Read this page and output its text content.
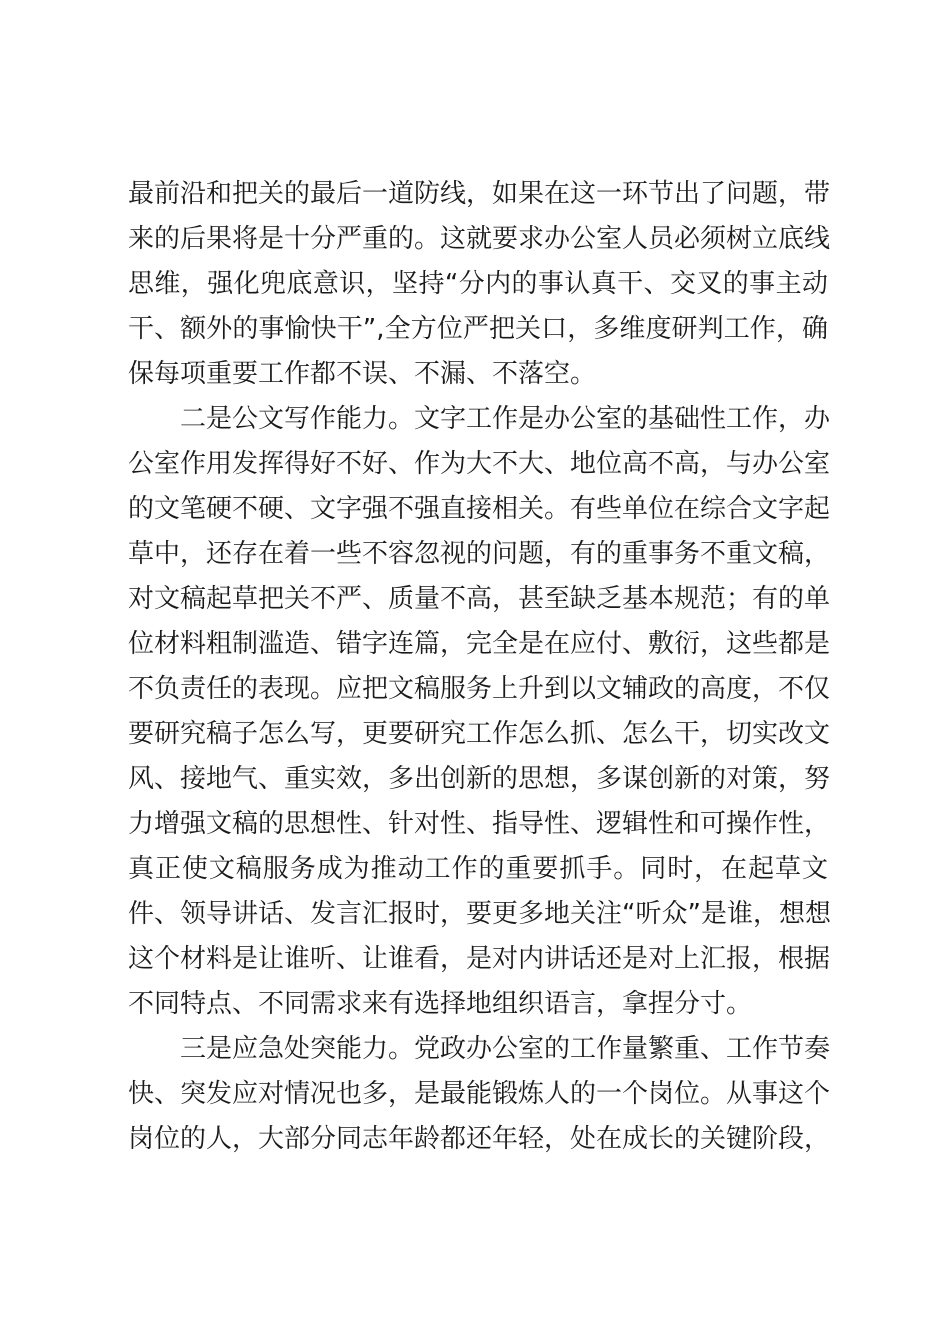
最前沿和把关的最后一道防线，如果在这一环节出了问题，带
来的后果将是十分严重的。这就要求办公室人员必须树立底线
思维，强化兜底意识，坚持“分内的事认真干、交叉的事主动
干、额外的事愉快干”,全方位严把关口，多维度研判工作，确
保每项重要工作都不误、不漏、不落空。
二是公文写作能力。文字工作是办公室的基础性工作，办
公室作用发挥得好不好、作为大不大、地位高不高，与办公室
的文笔硬不硬、文字强不强直接相关。有些单位在综合文字起
草中，还存在着一些不容忽视的问题，有的重事务不重文稿，
对文稿起草把关不严、质量不高，甚至缺乏基本规范；有的单
位材料粗制滥造、错字连篇，完全是在应付、敷衍，这些都是
不负责任的表现。应把文稿服务上升到以文辅政的高度，不仅
要研究稿子怎么写，更要研究工作怎么抓、怎么干，切实改文
风、接地气、重实效，多出创新的思想，多谋创新的对策，努
力增强文稿的思想性、针对性、指导性、逻辑性和可操作性，
真正使文稿服务成为推动工作的重要抓手。同时，在起草文
件、领导讲话、发言汇报时，要更多地关注“听众”是谁，想想
这个材料是让谁听、让谁看，是对内讲话还是对上汇报，根据
不同特点、不同需求来有选择地组织语言，拿捏分寸。
三是应急处突能力。党政办公室的工作量繁重、工作节奏
快、突发应对情况也多，是最能锻炼人的一个岗位。从事这个
岗位的人，大部分同志年龄都还年轻，处在成长的关键阶段，
